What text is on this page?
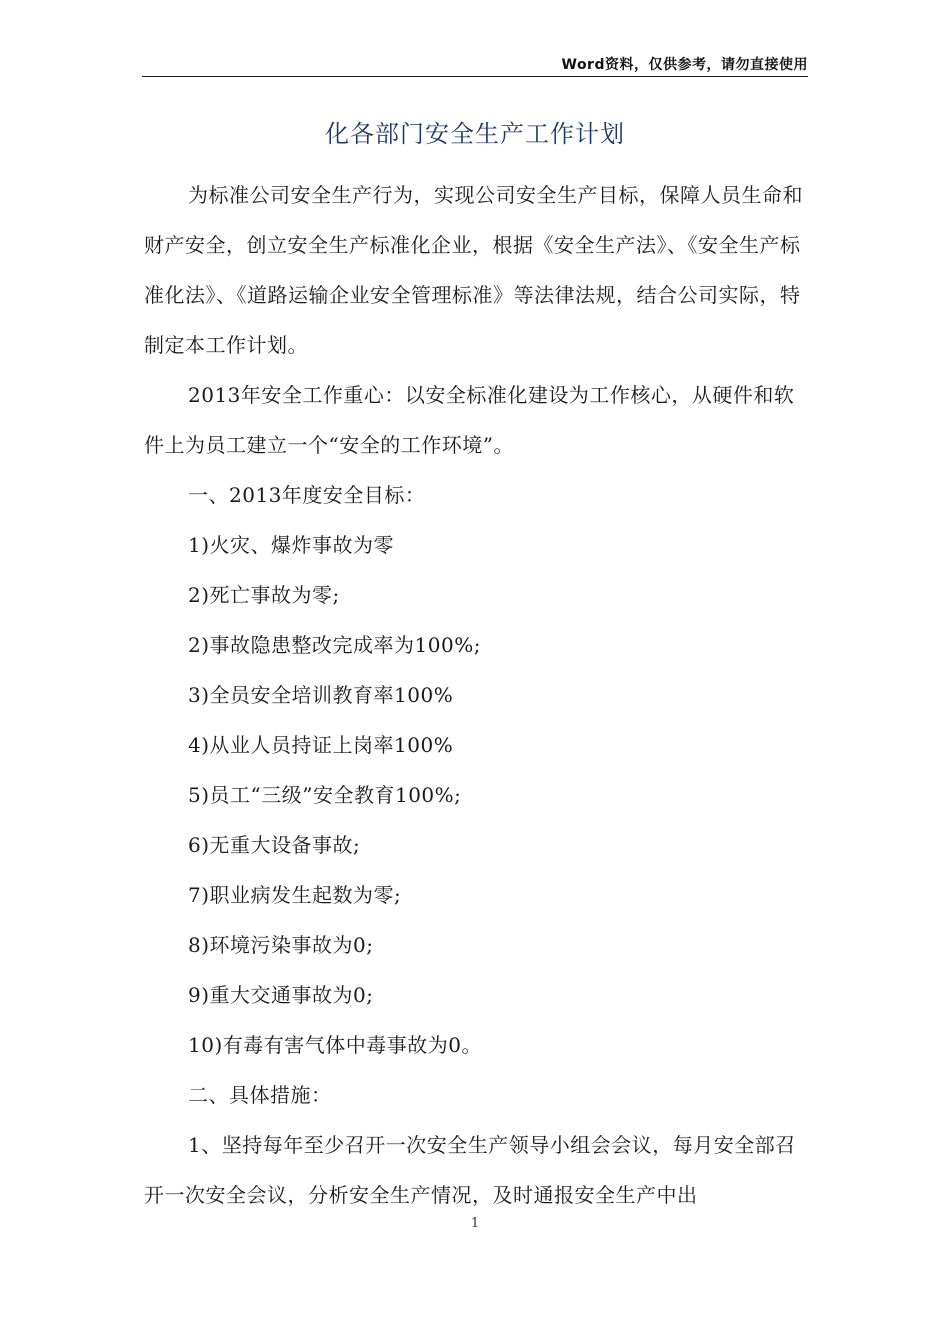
Word资料，仅供参考，请勿直接使用
化各部门安全生产工作计划

为标准公司安全生产行为，实现公司安全生产目标，保障人员生命和财产安全，创立安全生产标准化企业，根据《安全生产法》、《安全生产标准化法》、《道路运输企业安全管理标准》等法律法规，结合公司实际，特制定本工作计划。

2013年安全工作重心：以安全标准化建设为工作核心，从硬件和软件上为员工建立一个“安全的工作环境”。

一、2013年度安全目标：

1)火灾、爆炸事故为零

2)死亡事故为零;

2)事故隐患整改完成率为100%;

3)全员安全培训教育率100%

4)从业人员持证上岗率100%

5)员工“三级”安全教育100%;

6)无重大设备事故;

7)职业病发生起数为零;

8)环境污染事故为0;

9)重大交通事故为0;

10)有毒有害气体中毒事故为0。

二、具体措施：

1、坚持每年至少召开一次安全生产领导小组会会议，每月安全部召开一次安全会议，分析安全生产情况，及时通报安全生产中出

1
